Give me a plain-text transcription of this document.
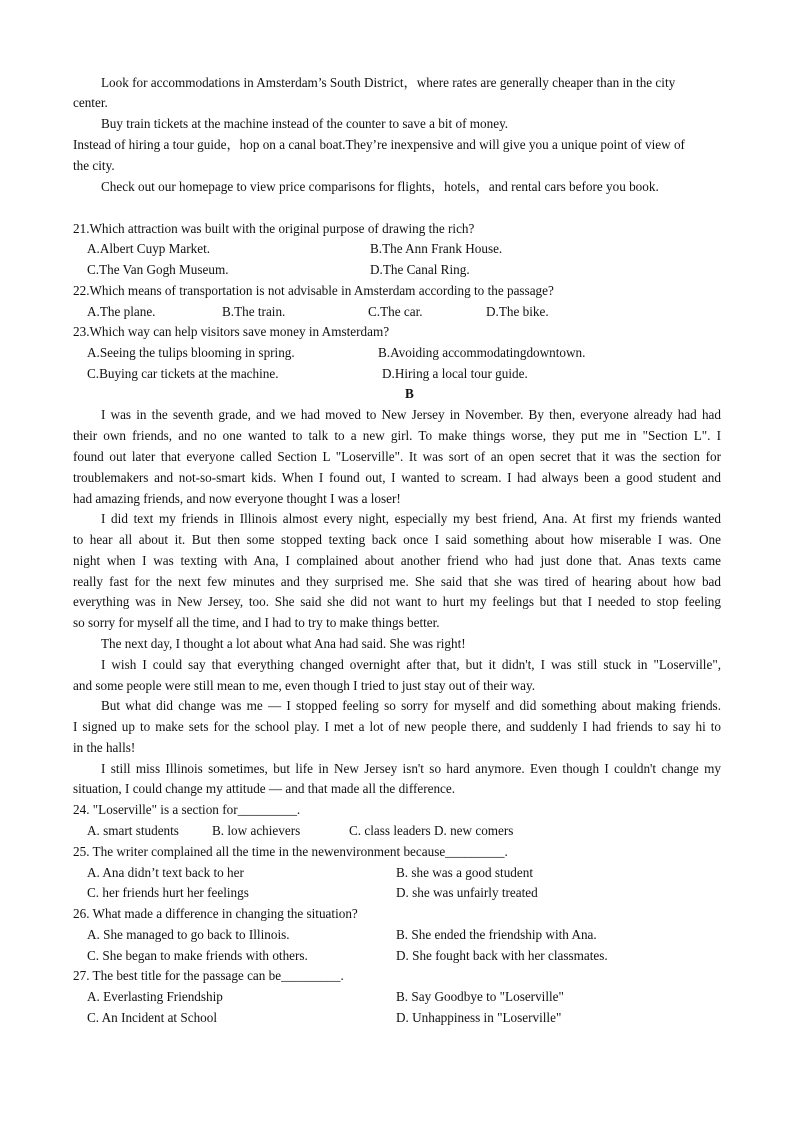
Look for accommodations in Amsterdam’s South District，where rates are generally cheaper than in the city
center.
Buy train tickets at the machine instead of the counter to save a bit of money.
Instead of hiring a tour guide，hop on a canal boat.They’re inexpensive and will give you a unique point of view of
the city.
Check out our homepage to view price comparisons for flights，hotels，and rental cars before you book.
21.Which attraction was built with the original purpose of drawing the rich?
A.Albert Cuyp Market.	B.The Ann Frank House.
C.The Van Gogh Museum.	D.The Canal Ring.
22.Which means of transportation is not advisable in Amsterdam according to the passage?
A.The plane.	B.The train.	C.The car.	D.The bike.
23.Which way can help visitors save money in Amsterdam?
A.Seeing the tulips blooming in spring.	B.Avoiding accommodatingdowntown.
C.Buying car tickets at the machine.	D.Hiring a local tour guide.
B
I was in the seventh grade, and we had moved to New Jersey in November. By then, everyone already had had
their own friends, and no one wanted to talk to a new girl. To make things worse, they put me in "Section L". I
found out later that everyone called Section L "Loserville". It was sort of an open secret that it was the section for
troublemakers and not-so-smart kids. When I found out, I wanted to scream. I had always been a good student and
had amazing friends, and now everyone thought I was a loser!
I did text my friends in Illinois almost every night, especially my best friend, Ana. At first my friends wanted
to hear all about it. But then some stopped texting back once I said something about how miserable I was. One
night when I was texting with Ana, I complained about another friend who had just done that. Anas texts came
really fast for the next few minutes and they surprised me. She said that she was tired of hearing about how bad
everything was in New Jersey, too. She said she did not want to hurt my feelings but that I needed to stop feeling
so sorry for myself all the time, and I had to try to make things better.
The next day, I thought a lot about what Ana had said. She was right!
I wish I could say that everything changed overnight after that, but it didn't, I was still stuck in "Loserville",
and some people were still mean to me, even though I tried to just stay out of their way.
But what did change was me — I stopped feeling so sorry for myself and did something about making friends.
I signed up to make sets for the school play. I met a lot of new people there, and suddenly I had friends to say hi to
in the halls!
I still miss Illinois sometimes, but life in New Jersey isn't so hard anymore. Even though I couldn't change my
situation, I could change my attitude — and that made all the difference.
24. "Loserville" is a section for_________.
A. smart students	B. low achievers	C. class leaders D. new comers
25. The writer complained all the time in the newenvironment because_________.
A. Ana didn’t text back to her	B. she was a good student
C. her friends hurt her feelings	D. she was unfairly treated
26. What made a difference in changing the situation?
A. She managed to go back to Illinois.	B. She ended the friendship with Ana.
C. She began to make friends with others.	D. She fought back with her classmates.
27. The best title for the passage can be_________.
A. Everlasting Friendship	B. Say Goodbye to "Loserville"
C. An Incident at School	D. Unhappiness in "Loserville"
